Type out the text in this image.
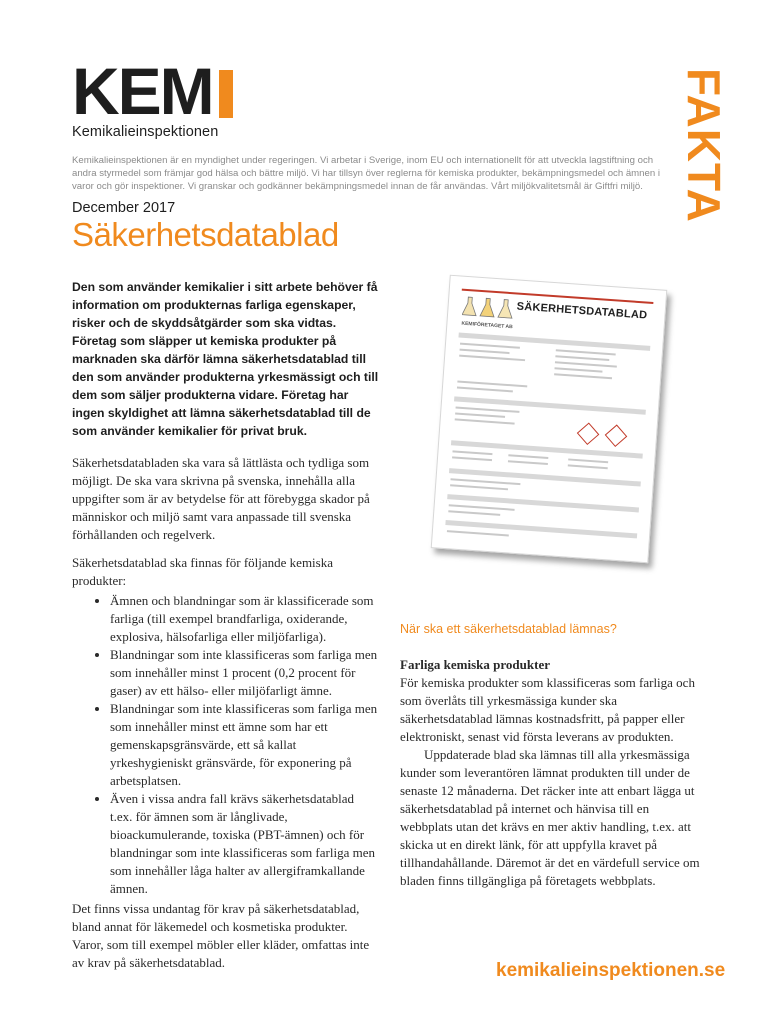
KEM
Kemikalieinspektionen	FAKTA
Kemikalieinspektionen är en myndighet under regeringen. Vi arbetar i Sverige, inom EU och internationellt för att utveckla lagstiftning och andra styrmedel som främjar god hälsa och bättre miljö. Vi har tillsyn över reglerna för kemiska produkter, bekämpningsmedel och ämnen i varor och gör inspektioner. Vi granskar och godkänner bekämpningsmedel innan de får användas. Vårt miljökvalitetsmål är Giftfri miljö.
December 2017
Säkerhetsdatablad
Den som använder kemikalier i sitt arbete behöver få information om produkternas farliga egenskaper, risker och de skyddsåtgärder som ska vidtas. Företag som släpper ut kemiska produkter på marknaden ska därför lämna säkerhetsdatablad till den som använder produkterna yrkesmässigt och till dem som säljer produkterna vidare. Företag har ingen skyldighet att lämna säkerhetsdatablad till de som använder kemikalier för privat bruk.

Säkerhetsdatabladen ska vara så lättlästa och tydliga som möjligt. De ska vara skrivna på svenska, innehålla alla uppgifter som är av betydelse för att förebygga skador på människor och miljö samt vara anpassade till svenska förhållanden och regelverk.

Säkerhetsdatablad ska finnas för följande kemiska produkter:

• Ämnen och blandningar som är klassificerade som farliga (till exempel brandfarliga, oxiderande, explosiva, hälsofarliga eller miljöfarliga).
• Blandningar som inte klassificeras som farliga men som innehåller minst 1 procent (0,2 procent för gaser) av ett hälso- eller miljöfarligt ämne.
• Blandningar som inte klassificeras som farliga men som innehåller minst ett ämne som har ett gemenskapsgränsvärde, ett så kallat yrkeshygieniskt gränsvärde, för exponering på arbetsplatsen.
• Även i vissa andra fall krävs säkerhetsdatablad t.ex. för ämnen som är långlivade, bioackumulerande, toxiska (PBT-ämnen) och för blandningar som inte klassificeras som farliga men som innehåller låga halter av allergiframkallande ämnen.

Det finns vissa undantag för krav på säkerhetsdatablad, bland annat för läkemedel och kosmetiska produkter. Varor, som till exempel möbler eller kläder, omfattas inte av krav på säkerhetsdatablad.

SÄKERHETSDATABLAD
KEMIFÖRETAGET AB
När ska ett säkerhetsdatablad lämnas?

Farliga kemiska produkter

För kemiska produkter som klassificeras som farliga och som överlåts till yrkesmässiga kunder ska säkerhetsdatablad lämnas kostnadsfritt, på papper eller elektroniskt, senast vid första leverans av produkten.

Uppdaterade blad ska lämnas till alla yrkesmässiga kunder som leverantören lämnat produkten till under de senaste 12 månaderna. Det räcker inte att enbart lägga ut säkerhetsdatablad på internet och hänvisa till en webbplats utan det krävs en mer aktiv handling, t.ex. att skicka ut en direkt länk, för att uppfylla kravet på tillhandahållande. Däremot är det en värdefull service om bladen finns tillgängliga på företagets webbplats.

kemikalieinspektionen.se
